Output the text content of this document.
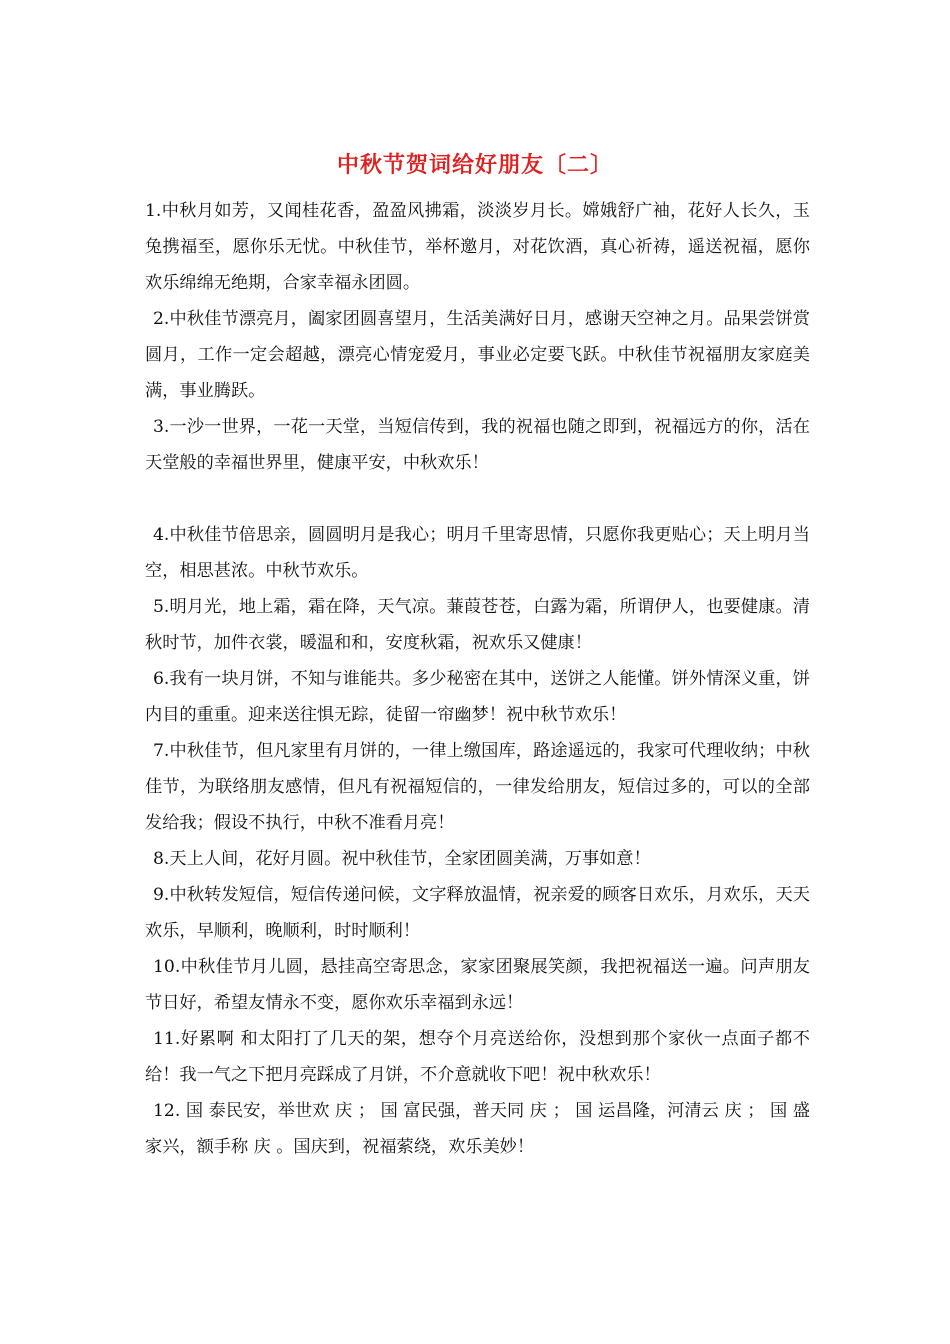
中秋节贺词给好朋友〔二〕

1.中秋月如芳，又闻桂花香，盈盈风拂霜，淡淡岁月长。嫦娥舒广袖，花好人长久，玉兔携福至，愿你乐无忧。中秋佳节，举杯邀月，对花饮酒，真心祈祷，遥送祝福，愿你欢乐绵绵无绝期，合家幸福永团圆。

2.中秋佳节漂亮月，阖家团圆喜望月，生活美满好日月，感谢天空神之月。品果尝饼赏圆月，工作一定会超越，漂亮心情宠爱月，事业必定要飞跃。中秋佳节祝福朋友家庭美满，事业腾跃。

3.一沙一世界，一花一天堂，当短信传到，我的祝福也随之即到，祝福远方的你，活在天堂般的幸福世界里，健康平安，中秋欢乐！

4.中秋佳节倍思亲，圆圆明月是我心；明月千里寄思情，只愿你我更贴心；天上明月当空，相思甚浓。中秋节欢乐。

5.明月光，地上霜，霜在降，天气凉。蒹葭苍苍，白露为霜，所谓伊人，也要健康。清秋时节，加件衣裳，暖温和和，安度秋霜，祝欢乐又健康！

6.我有一块月饼，不知与谁能共。多少秘密在其中，送饼之人能懂。饼外情深义重，饼内目的重重。迎来送往惧无踪，徒留一帘幽梦！祝中秋节欢乐！

7.中秋佳节，但凡家里有月饼的，一律上缴国库，路途遥远的，我家可代理收纳；中秋佳节，为联络朋友感情，但凡有祝福短信的，一律发给朋友，短信过多的，可以的全部发给我；假设不执行，中秋不准看月亮！

8.天上人间，花好月圆。祝中秋佳节，全家团圆美满，万事如意！

9.中秋转发短信，短信传递问候，文字释放温情，祝亲爱的顾客日欢乐，月欢乐，天天欢乐，早顺利，晚顺利，时时顺利！

10.中秋佳节月儿圆，悬挂高空寄思念，家家团聚展笑颜，我把祝福送一遍。问声朋友节日好，希望友情永不变，愿你欢乐幸福到永远！

11.好累啊 和太阳打了几天的架，想夺个月亮送给你，没想到那个家伙一点面子都不给！我一气之下把月亮踩成了月饼，不介意就收下吧！祝中秋欢乐！

12. 国 泰民安，举世欢 庆 ； 国 富民强，普天同 庆 ； 国 运昌隆，河清云 庆 ； 国 盛家兴，额手称 庆 。国庆到，祝福萦绕，欢乐美妙！
